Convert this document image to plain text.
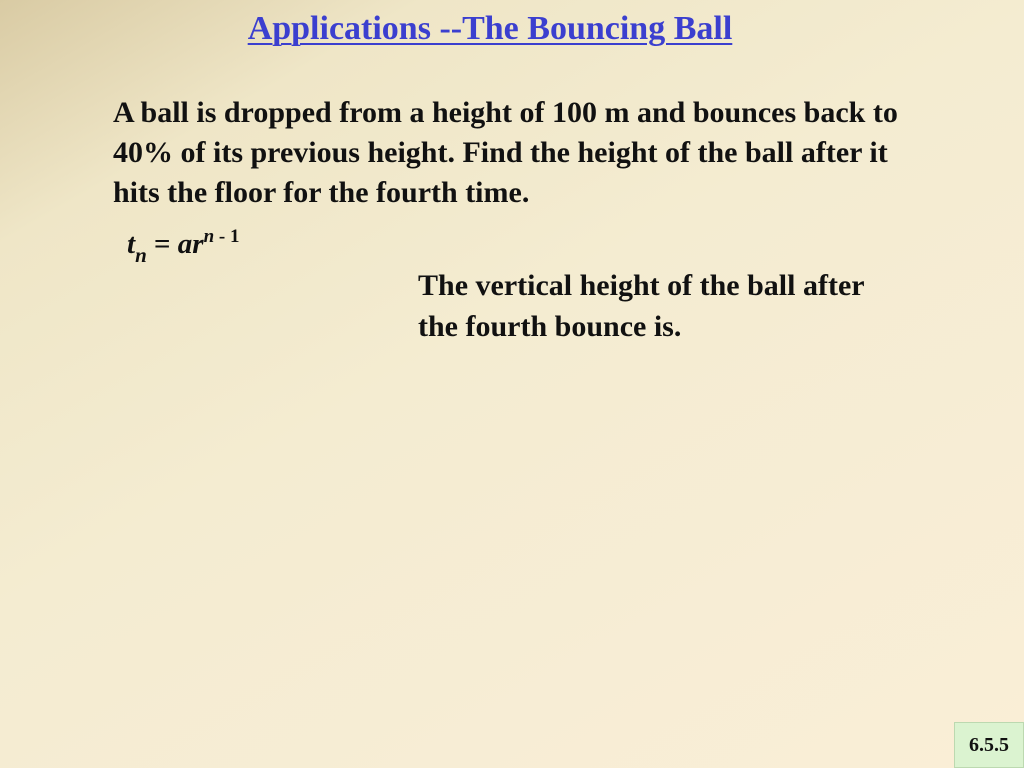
Applications --The Bouncing Ball

A ball is dropped from a height of 100 m and bounces back to 40% of its previous height. Find the height of the ball after it hits the floor for the fourth time.

$t_n = ar^{n - 1}$

The vertical height of the ball after the fourth bounce is.

6.5.5
